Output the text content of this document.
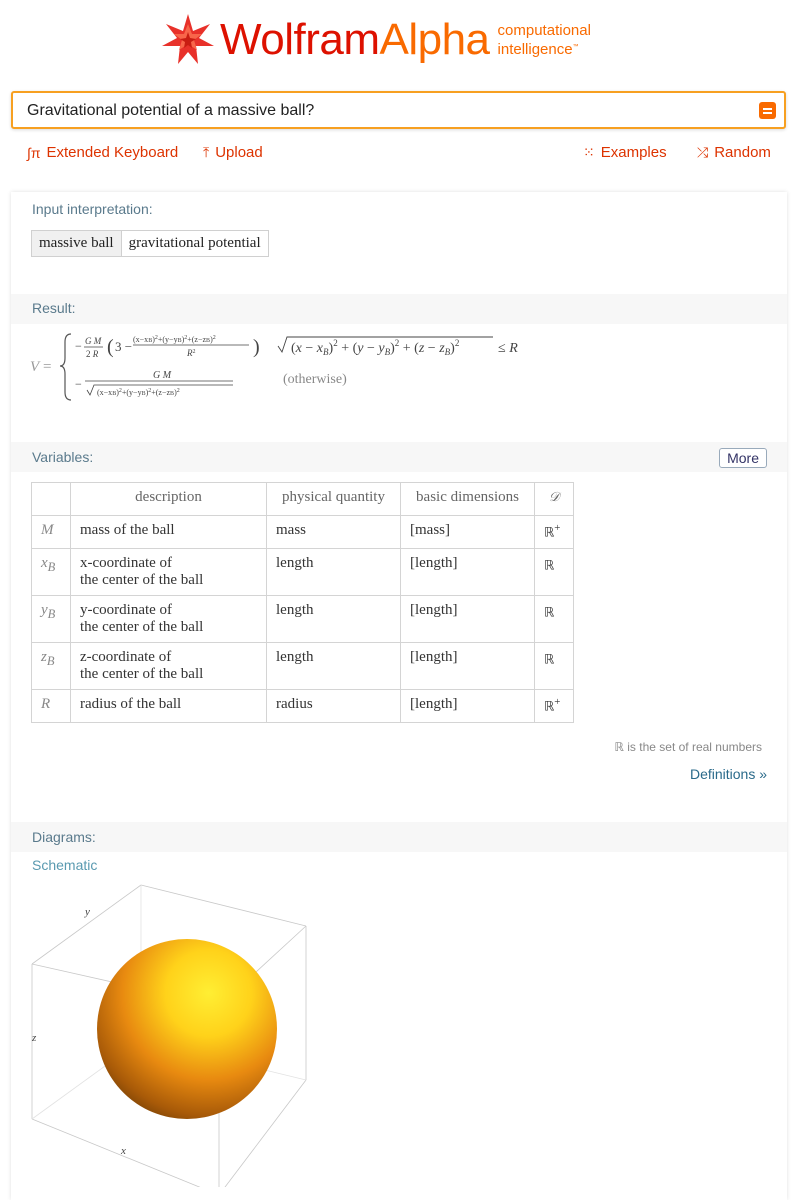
WolframAlpha computational
intelligence™
Gravitational potential of a massive ball?
∫π Extended Keyboard ⤒ Upload	⁙ Examples ⤮ Random
Input interpretation:
massive ball	gravitational potential
Result:
V =
− G M
2 R ( $3 - (x-xB)^2+(y-yB)^2+(z-zB)^2$
$R^2$	) $(x - x_B)^2 + (y - y_B)^2 + (z - z_B)^2$	≤ R
−
G M
$(x-xB)^2+(y-yB)^2+(z-zB)^2$
(otherwise)
Variables:	More
	description	physical quantity	basic dimensions	𝒟
M	mass of the ball	mass	[mass]	ℝ+
$x_B$	x-coordinate of
the center of the ball	length	[length]	ℝ
$y_B$	y-coordinate of
the center of the ball	length	[length]	ℝ
$z_B$	z-coordinate of
the center of the ball	length	[length]	ℝ
R	radius of the ball	radius	[length]	ℝ+
ℝ is the set of real numbers
Definitions »
Diagrams:
Schematic
y
z
x
